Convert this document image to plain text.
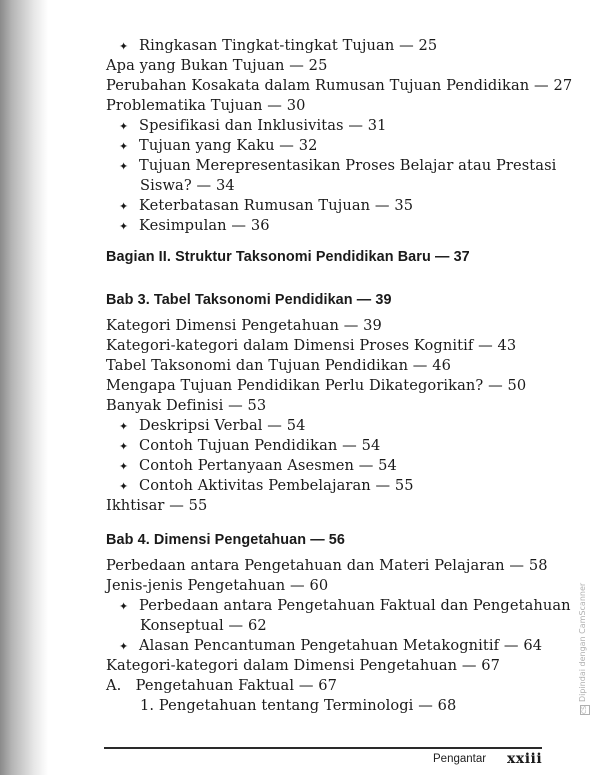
✦ Ringkasan Tingkat-tingkat Tujuan — 25
Apa yang Bukan Tujuan — 25
Perubahan Kosakata dalam Rumusan Tujuan Pendidikan — 27
Problematika Tujuan — 30
✦ Spesifikasi dan Inklusivitas — 31
✦ Tujuan yang Kaku — 32
✦ Tujuan Merepresentasikan Proses Belajar atau Prestasi
Siswa? — 34
✦ Keterbatasan Rumusan Tujuan — 35
✦ Kesimpulan — 36
Bagian II. Struktur Taksonomi Pendidikan Baru — 37
Bab 3. Tabel Taksonomi Pendidikan — 39
Kategori Dimensi Pengetahuan — 39
Kategori-kategori dalam Dimensi Proses Kognitif — 43
Tabel Taksonomi dan Tujuan Pendidikan — 46
Mengapa Tujuan Pendidikan Perlu Dikategorikan? — 50
Banyak Definisi — 53
✦ Deskripsi Verbal — 54
✦ Contoh Tujuan Pendidikan — 54
✦ Contoh Pertanyaan Asesmen — 54
✦ Contoh Aktivitas Pembelajaran — 55
Ikhtisar — 55
Bab 4. Dimensi Pengetahuan — 56
Perbedaan antara Pengetahuan dan Materi Pelajaran — 58
Jenis-jenis Pengetahuan — 60
✦ Perbedaan antara Pengetahuan Faktual dan Pengetahuan
Konseptual — 62
✦ Alasan Pencantuman Pengetahuan Metakognitif — 64
Kategori-kategori dalam Dimensi Pengetahuan — 67
A.   Pengetahuan Faktual — 67
1. Pengetahuan tentang Terminologi — 68
Pengantar xxiii
CSDipindai dengan CamScanner
